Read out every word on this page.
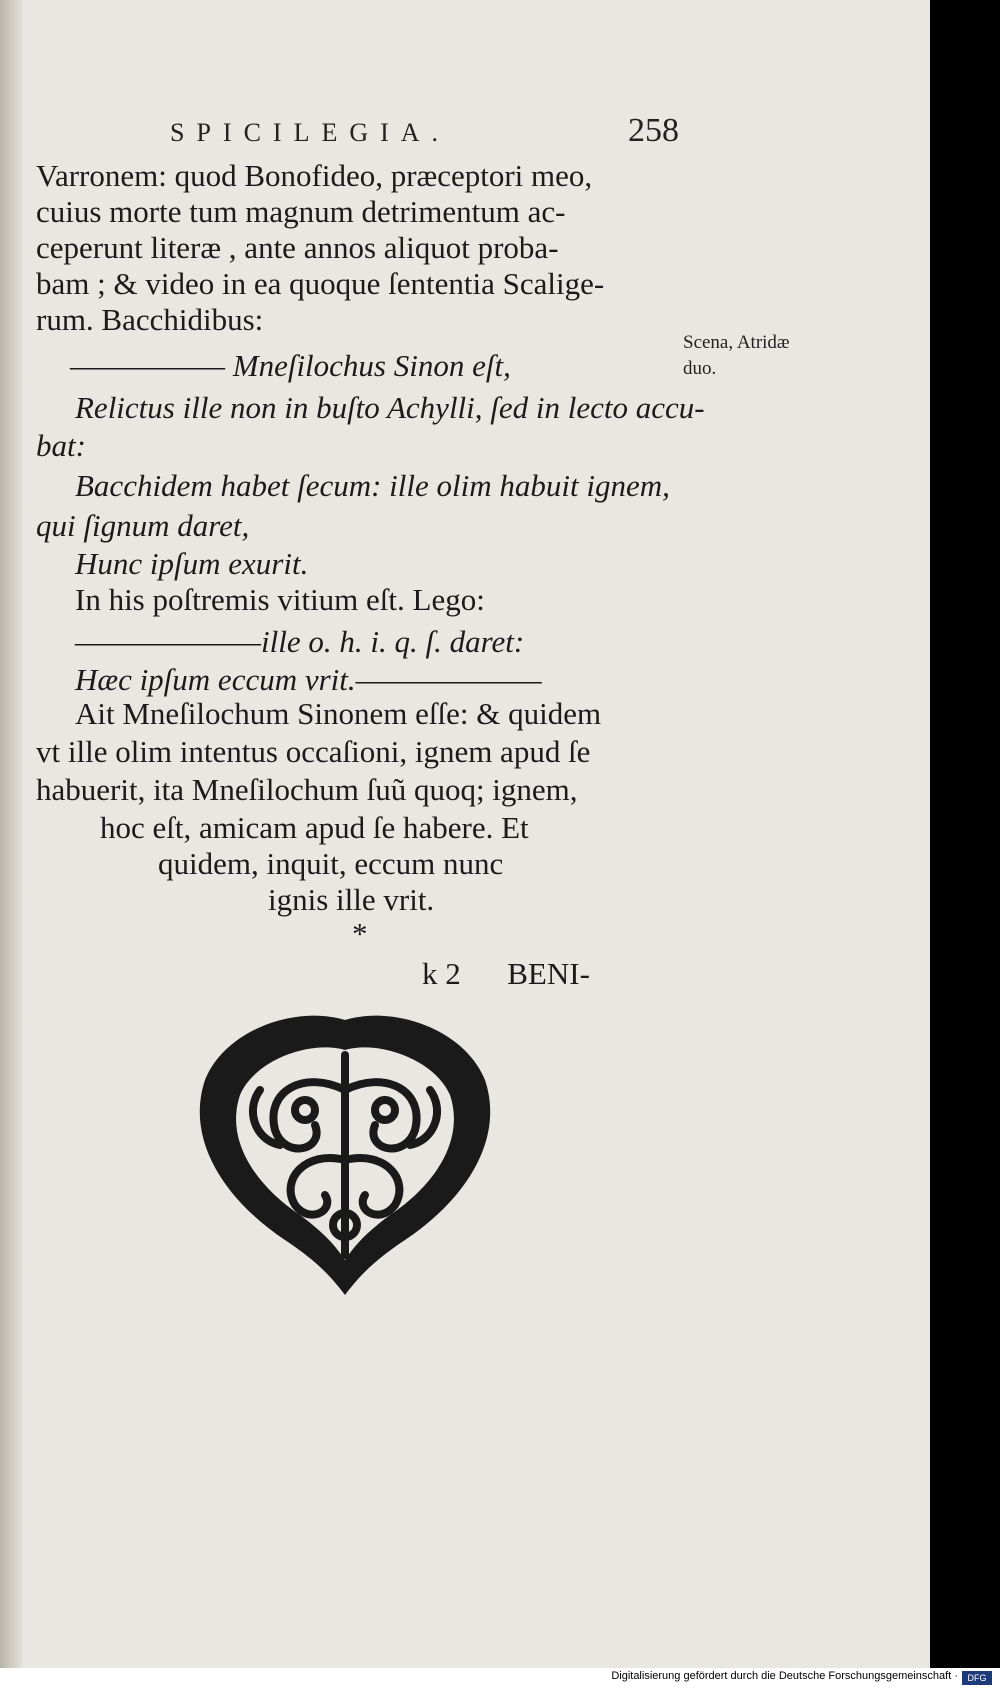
SPICILEGIA.	258
Varronem: quod Bonofideo, præceptori meo,
cuius morte tum magnum detrimentum ac-
ceperunt literæ , ante annos aliquot proba-
bam ; & video in ea quoque ſententia Scalige-
rum. Bacchidibus:
――――― Mneſilochus Sinon eſt,
Relictus ille non in buſto Achylli, ſed in lecto accu-
bat:
Bacchidem habet ſecum: ille olim habuit ignem,
qui ſignum daret,
Hunc ipſum exurit.
In his poſtremis vitium eſt. Lego:
――――――ille o. h. i. q. ſ. daret:
Hæc ipſum eccum vrit.――――――
Ait Mneſilochum Sinonem eſſe: & quidem
vt ille olim intentus occaſioni, ignem apud ſe
habuerit, ita Mneſilochum ſuũ quoq; ignem,
hoc eſt, amicam apud ſe habere. Et
quidem, inquit, eccum nunc
ignis ille vrit.
*
k 2      BENI-
Scena, Atridæ
duo.
Digitalisierung gefördert durch die Deutsche Forschungsgemeinschaft ·	DFG
